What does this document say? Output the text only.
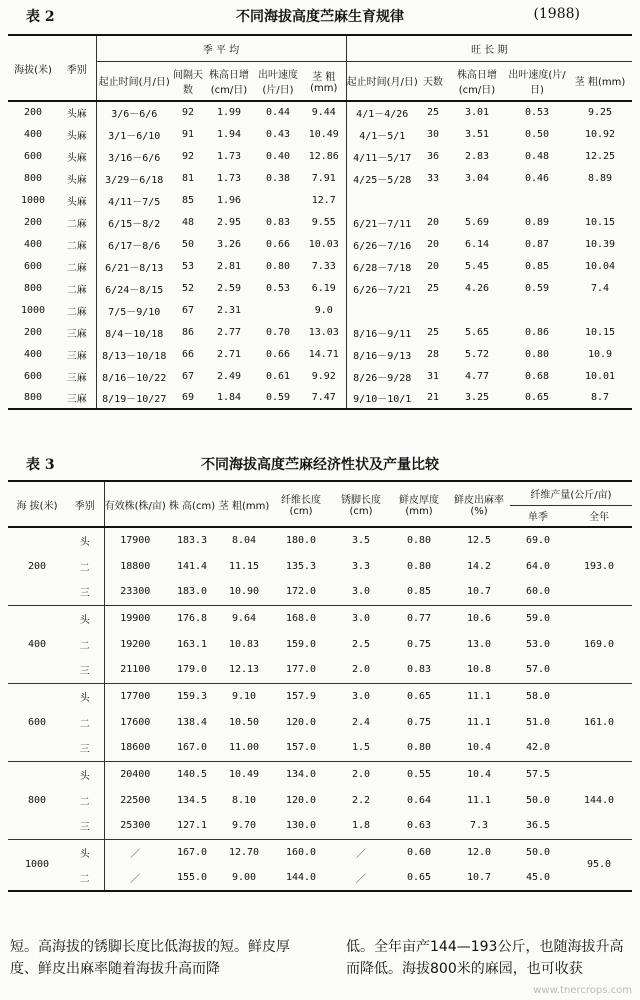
表 2	不同海拔高度苎麻生育规律	(1988)
海拔(米)	季别	季 平 均					旺 长 期				
		起止时间(月/日)	间隔天数	株高日增(cm/日)	出叶速度(片/日)	茎 粗(mm)	起止时间(月/日)	天数	株高日增(cm/日)	出叶速度(片/日)	茎 粗(mm)
200	头麻	3/6－6/6	92	1.99	0.44	9.44	4/1－4/26	25	3.01	0.53	9.25
400	头麻	3/1－6/10	91	1.94	0.43	10.49	4/1－5/1	30	3.51	0.50	10.92
600	头麻	3/16－6/6	92	1.73	0.40	12.86	4/11－5/17	36	2.83	0.48	12.25
800	头麻	3/29－6/18	81	1.73	0.38	7.91	4/25－5/28	33	3.04	0.46	8.89
1000	头麻	4/11－7/5	85	1.96		12.7					
200	二麻	6/15－8/2	48	2.95	0.83	9.55	6/21－7/11	20	5.69	0.89	10.15
400	二麻	6/17－8/6	50	3.26	0.66	10.03	6/26－7/16	20	6.14	0.87	10.39
600	二麻	6/21－8/13	53	2.81	0.80	7.33	6/28－7/18	20	5.45	0.85	10.04
800	二麻	6/24－8/15	52	2.59	0.53	6.19	6/26－7/21	25	4.26	0.59	7.4
1000	二麻	7/5－9/10	67	2.31		9.0					
200	三麻	8/4－10/18	86	2.77	0.70	13.03	8/16－9/11	25	5.65	0.86	10.15
400	三麻	8/13－10/18	66	2.71	0.66	14.71	8/16－9/13	28	5.72	0.80	10.9
600	三麻	8/16－10/22	67	2.49	0.61	9.92	8/26－9/28	31	4.77	0.68	10.01
800	三麻	8/19－10/27	69	1.84	0.59	7.47	9/10－10/1	21	3.25	0.65	8.7
表 3	不同海拔高度苎麻经济性状及产量比较
海 拔(米)	季别	有效株(株/亩)	株 高(cm)	茎 粗(mm)	纤维长度(cm)	锈脚长度(cm)	鲜皮厚度(mm)	鲜皮出麻率(%)	纤维产量(公斤/亩)	
									单季	全年
200	头	17900	183.3	8.04	180.0	3.5	0.80	12.5	69.0	193.0
	二	18800	141.4	11.15	135.3	3.3	0.80	14.2	64.0	
	三	23300	183.0	10.90	172.0	3.0	0.85	10.7	60.0	
400	头	19900	176.8	9.64	168.0	3.0	0.77	10.6	59.0	169.0
	二	19200	163.1	10.83	159.0	2.5	0.75	13.0	53.0	
	三	21100	179.0	12.13	177.0	2.0	0.83	10.8	57.0	
600	头	17700	159.3	9.10	157.9	3.0	0.65	11.1	58.0	161.0
	二	17600	138.4	10.50	120.0	2.4	0.75	11.1	51.0	
	三	18600	167.0	11.00	157.0	1.5	0.80	10.4	42.0	
800	头	20400	140.5	10.49	134.0	2.0	0.55	10.4	57.5	144.0
	二	22500	134.5	8.10	120.0	2.2	0.64	11.1	50.0	
	三	25300	127.1	9.70	130.0	1.8	0.63	7.3	36.5	
1000	头	／	167.0	12.70	160.0	／	0.60	12.0	50.0	95.0
	二	／	155.0	9.00	144.0	／	0.65	10.7	45.0	
短。高海拔的锈脚长度比低海拔的短。鲜皮厚度、鲜皮出麻率随着海拔升高而降
低。全年亩产144—193公斤，也随海拔升高而降低。海拔800米的麻园，也可收获
www.tnercrops.com
